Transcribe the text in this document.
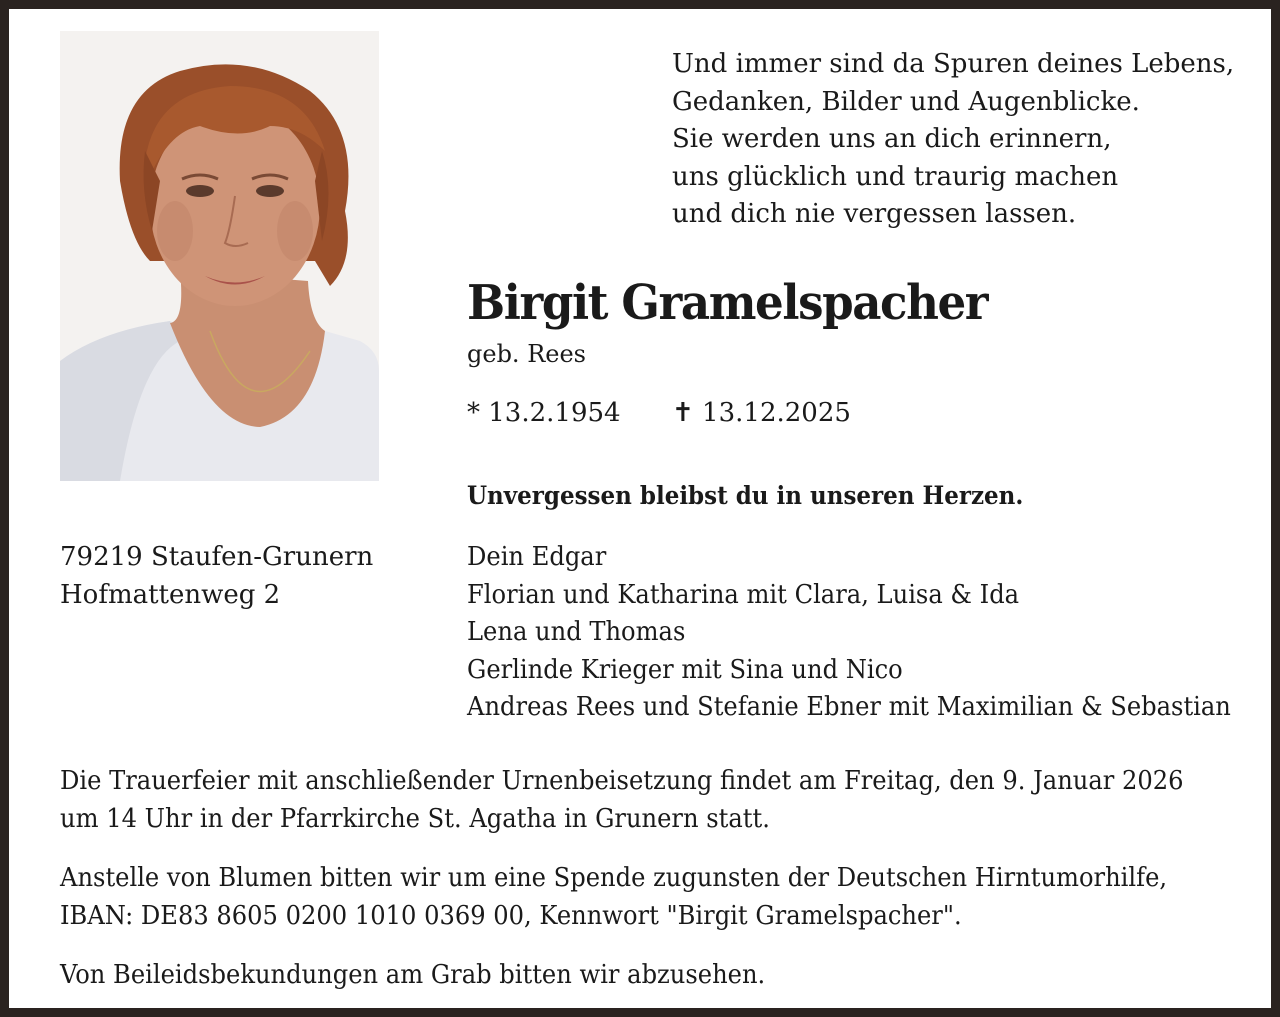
Und immer sind da Spuren deines Lebens,
Gedanken, Bilder und Augenblicke.
Sie werden uns an dich erinnern,
uns glücklich und traurig machen
und dich nie vergessen lassen.
Birgit Gramelspacher
geb. Rees
* 13.2.1954 ✝ 13.12.2025
Unvergessen bleibst du in unseren Herzen.
79219 Staufen-Grunern
Hofmattenweg 2
Dein Edgar
Florian und Katharina mit Clara, Luisa & Ida
Lena und Thomas
Gerlinde Krieger mit Sina und Nico
Andreas Rees und Stefanie Ebner mit Maximilian & Sebastian
Die Trauerfeier mit anschließender Urnenbeisetzung findet am Freitag, den 9. Januar 2026
um 14 Uhr in der Pfarrkirche St. Agatha in Grunern statt.
Anstelle von Blumen bitten wir um eine Spende zugunsten der Deutschen Hirntumorhilfe,
IBAN: DE83 8605 0200 1010 0369 00, Kennwort "Birgit Gramelspacher".
Von Beileidsbekundungen am Grab bitten wir abzusehen.
